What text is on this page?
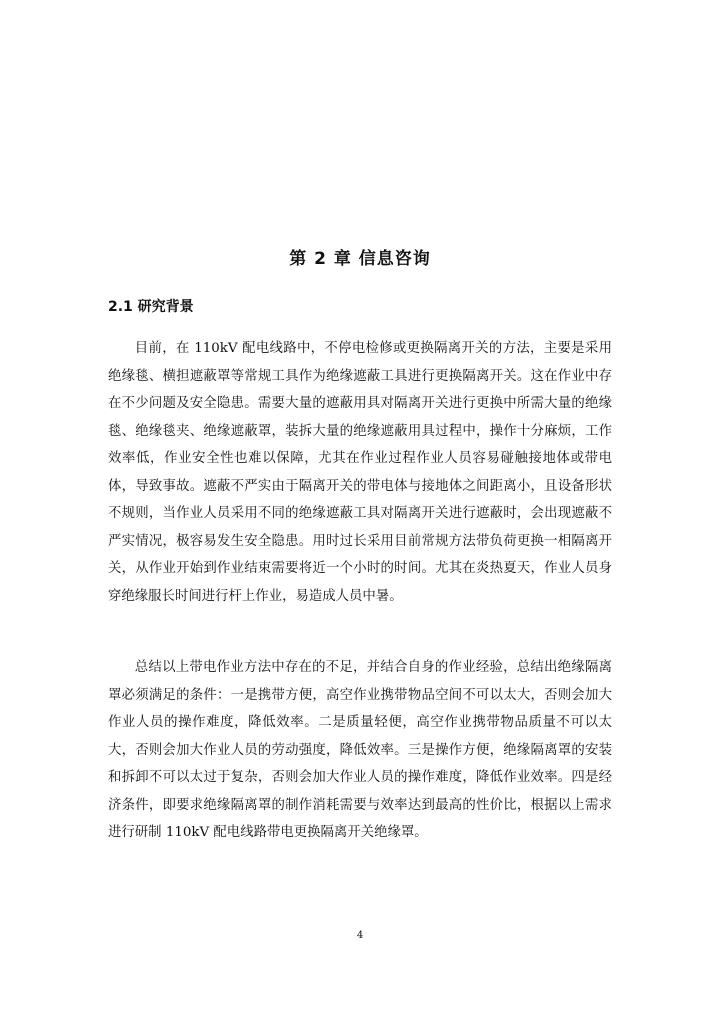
第 2 章 信息咨询
2.1 研究背景

目前，在 110kV 配电线路中，不停电检修或更换隔离开关的方法，主要是采用绝缘毯、横担遮蔽罩等常规工具作为绝缘遮蔽工具进行更换隔离开关。这在作业中存在不少问题及安全隐患。需要大量的遮蔽用具对隔离开关进行更换中所需大量的绝缘毯、绝缘毯夹、绝缘遮蔽罩，装拆大量的绝缘遮蔽用具过程中，操作十分麻烦，工作效率低，作业安全性也难以保障，尤其在作业过程作业人员容易碰触接地体或带电体，导致事故。遮蔽不严实由于隔离开关的带电体与接地体之间距离小，且设备形状不规则，当作业人员采用不同的绝缘遮蔽工具对隔离开关进行遮蔽时，会出现遮蔽不严实情况，极容易发生安全隐患。用时过长采用目前常规方法带负荷更换一相隔离开关，从作业开始到作业结束需要将近一个小时的时间。尤其在炎热夏天，作业人员身穿绝缘服长时间进行杆上作业，易造成人员中暑。

总结以上带电作业方法中存在的不足，并结合自身的作业经验，总结出绝缘隔离罩必须满足的条件：一是携带方便，高空作业携带物品空间不可以太大，否则会加大作业人员的操作难度，降低效率。二是质量轻便，高空作业携带物品质量不可以太大，否则会加大作业人员的劳动强度，降低效率。三是操作方便，绝缘隔离罩的安装和拆卸不可以太过于复杂，否则会加大作业人员的操作难度，降低作业效率。四是经济条件，即要求绝缘隔离罩的制作消耗需要与效率达到最高的性价比，根据以上需求进行研制 110kV 配电线路带电更换隔离开关绝缘罩。

4
